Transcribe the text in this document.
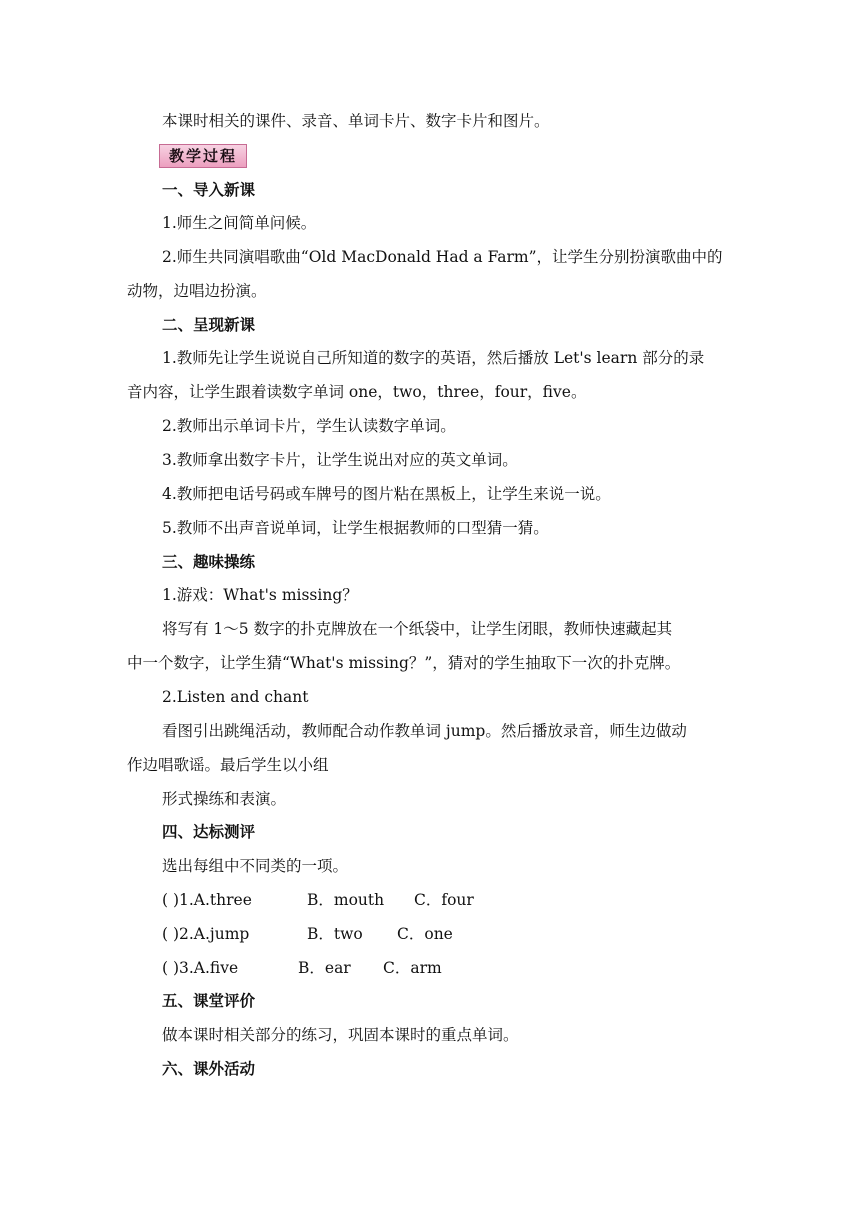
本课时相关的课件、录音、单词卡片、数字卡片和图片。
教学过程
一、导入新课
1.师生之间简单问候。
2.师生共同演唱歌曲“Old MacDonald Had a Farm”，让学生分别扮演歌曲中的
动物，边唱边扮演。
二、呈现新课
1.教师先让学生说说自己所知道的数字的英语，然后播放 Let's learn 部分的录
音内容，让学生跟着读数字单词 one，two，three，four，five。
2.教师出示单词卡片，学生认读数字单词。
3.教师拿出数字卡片，让学生说出对应的英文单词。
4.教师把电话号码或车牌号的图片粘在黑板上，让学生来说一说。
5.教师不出声音说单词，让学生根据教师的口型猜一猜。
三、趣味操练
1.游戏：What's missing？
将写有 1～5 数字的扑克牌放在一个纸袋中，让学生闭眼，教师快速藏起其
中一个数字，让学生猜“What's missing？”，猜对的学生抽取下一次的扑克牌。
2.Listen and chant
看图引出跳绳活动，教师配合动作教单词 jump。然后播放录音，师生边做动
作边唱歌谣。最后学生以小组
形式操练和表演。
四、达标测评
选出每组中不同类的一项。
( )1.A.three	B．mouth C．four
( )2.A.jump	B．two C．one
( )3.A.five	B．ear C．arm
五、课堂评价
做本课时相关部分的练习，巩固本课时的重点单词。
六、课外活动
